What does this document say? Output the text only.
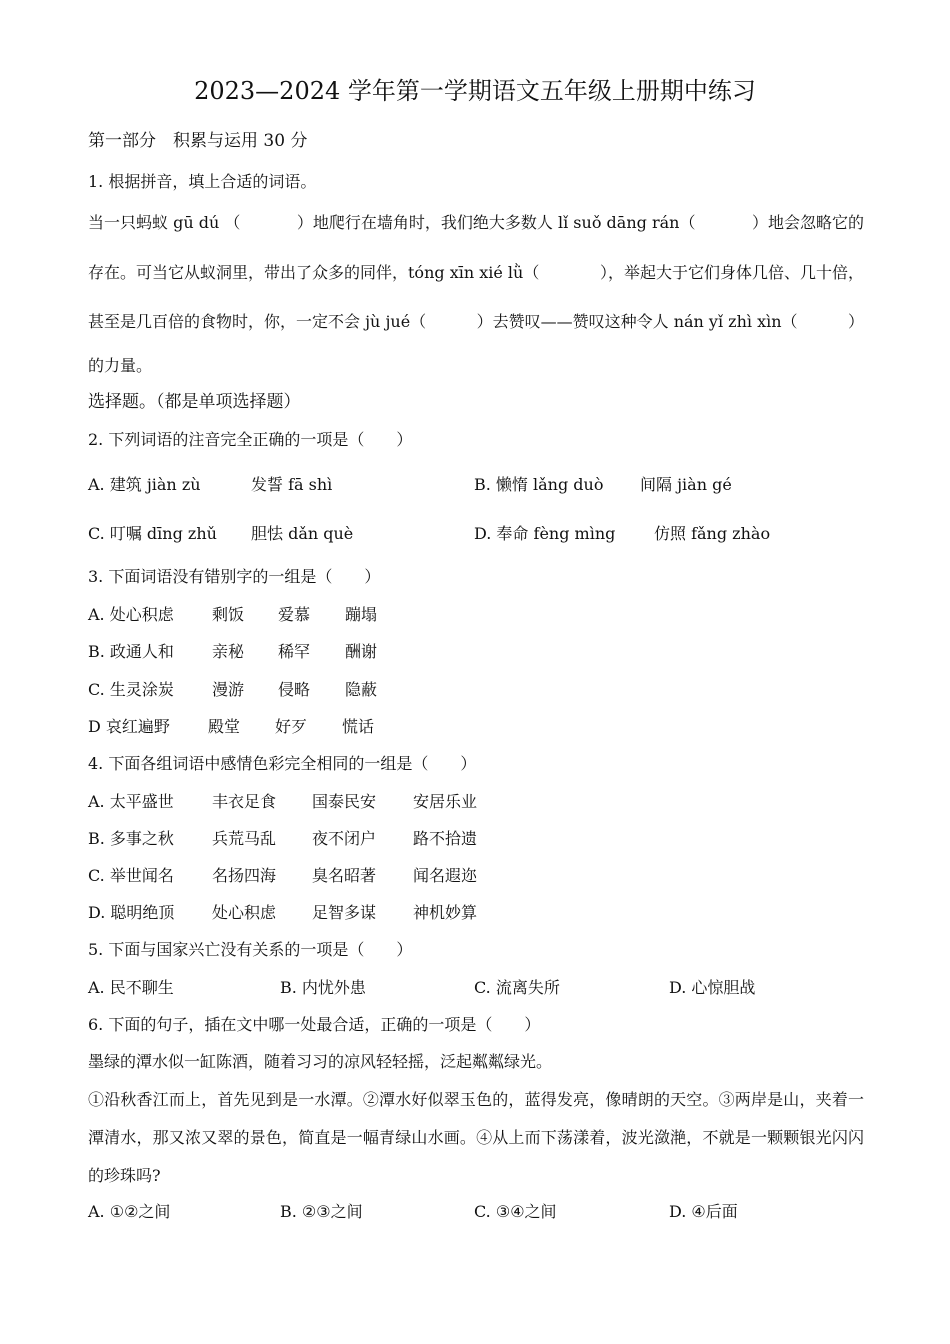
2023—2024 学年第一学期语文五年级上册期中练习
第一部分　积累与运用 30 分
1. 根据拼音，填上合适的词语。
当一只蚂蚁 gū dú （	）地爬行在墙角时，我们绝大多数人 lǐ suǒ dāng rán（	）地会忽略它的
存在。可当它从蚁洞里，带出了众多的同伴，tóng xīn xié lǜ（	），举起大于它们身体几倍、几十倍，
甚至是几百倍的食物时，你，一定不会 jù jué（	）去赞叹——赞叹这种令人 nán yǐ zhì xìn（	）
的力量。
选择题。（都是单项选择题）
2. 下列词语的注音完全正确的一项是（　　）
A. 建筑 jiàn zù	发誓 fā shì	B. 懒惰 lǎng duò 间隔 jiàn gé
C. 叮嘱 dīng zhǔ 胆怯 dǎn què	D. 奉命 fèng mìng 仿照 fǎng zhào
3. 下面词语没有错别字的一组是（　　）
A. 处心积虑 剩饭 爱慕 蹦塌
B. 政通人和 亲秘 稀罕 酬谢
C. 生灵涂炭 漫游 侵略 隐蔽
D 哀红遍野 殿堂 好歹 慌话
4. 下面各组词语中感情色彩完全相同的一组是（　　）
A. 太平盛世 丰衣足食 国泰民安 安居乐业
B. 多事之秋 兵荒马乱 夜不闭户 路不拾遗
C. 举世闻名 名扬四海 臭名昭著 闻名遐迩
D. 聪明绝顶 处心积虑 足智多谋 神机妙算
5. 下面与国家兴亡没有关系的一项是（　　）
A. 民不聊生	B. 内忧外患	C. 流离失所	D. 心惊胆战
6. 下面的句子，插在文中哪一处最合适，正确的一项是（　　）
墨绿的潭水似一缸陈酒，随着习习的凉风轻轻摇，泛起粼粼绿光。
①沿秋香江而上，首先见到是一水潭。②潭水好似翠玉色的，蓝得发亮，像晴朗的天空。③两岸是山，夹着一潭清水，那又浓又翠的景色，简直是一幅青绿山水画。④从上而下荡漾着，波光潋滟，不就是一颗颗银光闪闪的珍珠吗?
A. ①②之间	B. ②③之间	C. ③④之间	D. ④后面
